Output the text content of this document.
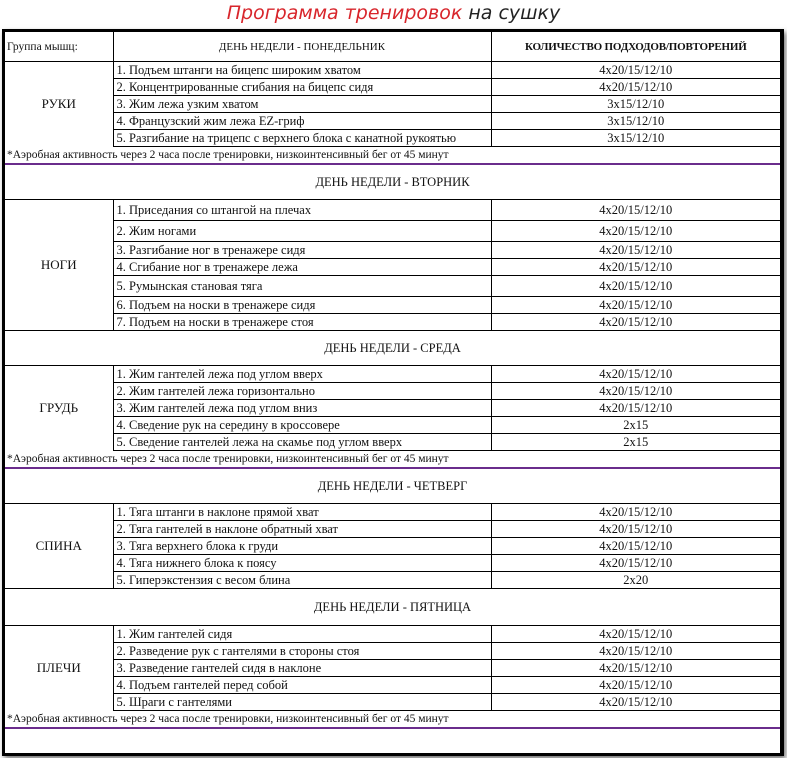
Программа тренировок на сушку
Группа мышц:	ДЕНЬ НЕДЕЛИ - ПОНЕДЕЛЬНИК	КОЛИЧЕСТВО ПОДХОДОВ/ПОВТОРЕНИЙ
РУКИ	1. Подъем штанги на бицепс широким хватом	4x20/15/12/10
	2. Концентрированные сгибания на бицепс сидя	4x20/15/12/10
	3. Жим лежа узким хватом	3x15/12/10
	4. Французский жим лежа EZ-гриф	3x15/12/10
	5. Разгибание на трицепс с верхнего блока с канатной рукоятью	3x15/12/10
*Аэробная активность через 2 часа после тренировки, низкоинтенсивный бег от 45 минут		
ДЕНЬ НЕДЕЛИ - ВТОРНИК		
НОГИ	1. Приседания со штангой на плечах	4x20/15/12/10
	2. Жим ногами	4x20/15/12/10
	3. Разгибание ног в тренажере сидя	4x20/15/12/10
	4. Сгибание ног в тренажере лежа	4x20/15/12/10
	5. Румынская становая тяга	4x20/15/12/10
	6. Подъем на носки в тренажере сидя	4x20/15/12/10
	7. Подъем на носки в тренажере стоя	4x20/15/12/10
ДЕНЬ НЕДЕЛИ - СРЕДА		
ГРУДЬ	1. Жим гантелей лежа под углом вверх	4x20/15/12/10
	2. Жим гантелей лежа горизонтально	4x20/15/12/10
	3. Жим гантелей лежа под углом вниз	4x20/15/12/10
	4. Сведение рук на середину в кроссовере	2x15
	5. Сведение гантелей лежа на скамье под углом вверх	2x15
*Аэробная активность через 2 часа после тренировки, низкоинтенсивный бег от 45 минут		
ДЕНЬ НЕДЕЛИ - ЧЕТВЕРГ		
СПИНА	1. Тяга штанги в наклоне прямой хват	4x20/15/12/10
	2. Тяга гантелей в наклоне обратный хват	4x20/15/12/10
	3. Тяга верхнего блока к груди	4x20/15/12/10
	4. Тяга нижнего блока к поясу	4x20/15/12/10
	5. Гиперэкстензия с весом блина	2x20
ДЕНЬ НЕДЕЛИ - ПЯТНИЦА		
ПЛЕЧИ	1. Жим гантелей сидя	4x20/15/12/10
	2. Разведение рук с гантелями в стороны стоя	4x20/15/12/10
	3. Разведение гантелей сидя в наклоне	4x20/15/12/10
	4. Подъем гантелей перед собой	4x20/15/12/10
	5. Шраги с гантелями	4x20/15/12/10
*Аэробная активность через 2 часа после тренировки, низкоинтенсивный бег от 45 минут		
